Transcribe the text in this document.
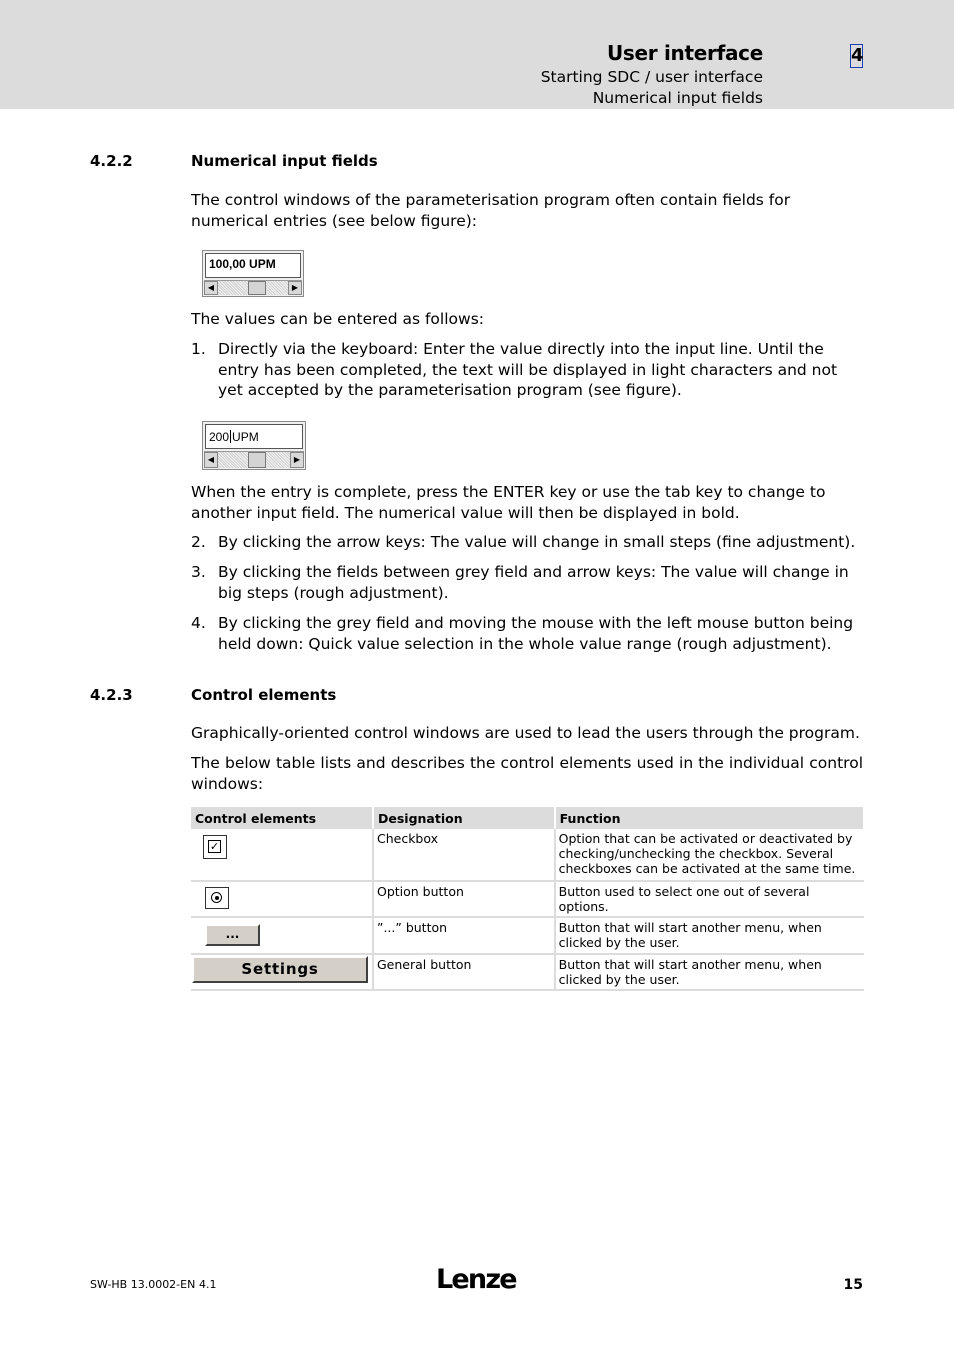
User interface
Starting SDC / user interface
Numerical input fields
4
4.2.2	Numerical input fields
The control windows of the parameterisation program often contain fields for numerical entries (see below figure):
100,00 UPM
◀	▶
The values can be entered as follows:
1. Directly via the keyboard: Enter the value directly into the input line. Until the entry has been completed, the text will be displayed in light characters and not yet accepted by the parameterisation program (see figure).
200 UPM
◀	▶
When the entry is complete, press the ENTER key or use the tab key to change to another input field. The numerical value will then be displayed in bold.
2. By clicking the arrow keys: The value will change in small steps (fine adjustment).
3. By clicking the fields between grey field and arrow keys: The value will change in big steps (rough adjustment).
4. By clicking the grey field and moving the mouse with the left mouse button being held down: Quick value selection in the whole value range (rough adjustment).
4.2.3	Control elements
Graphically-oriented control windows are used to lead the users through the program.
The below table lists and describes the control elements used in the individual control windows:
Control elements	Designation	Function

✓	Checkbox	Option that can be activated or deactivated by checking/unchecking the checkbox. Several checkboxes can be activated at the same time.

	Option button	Button used to select one out of several options.
...	”...” button	Button that will start another menu, when clicked by the user.

Settings	General button	Button that will start another menu, when clicked by the user.
SW-HB 13.0002-EN 4.1	Lenze	15
